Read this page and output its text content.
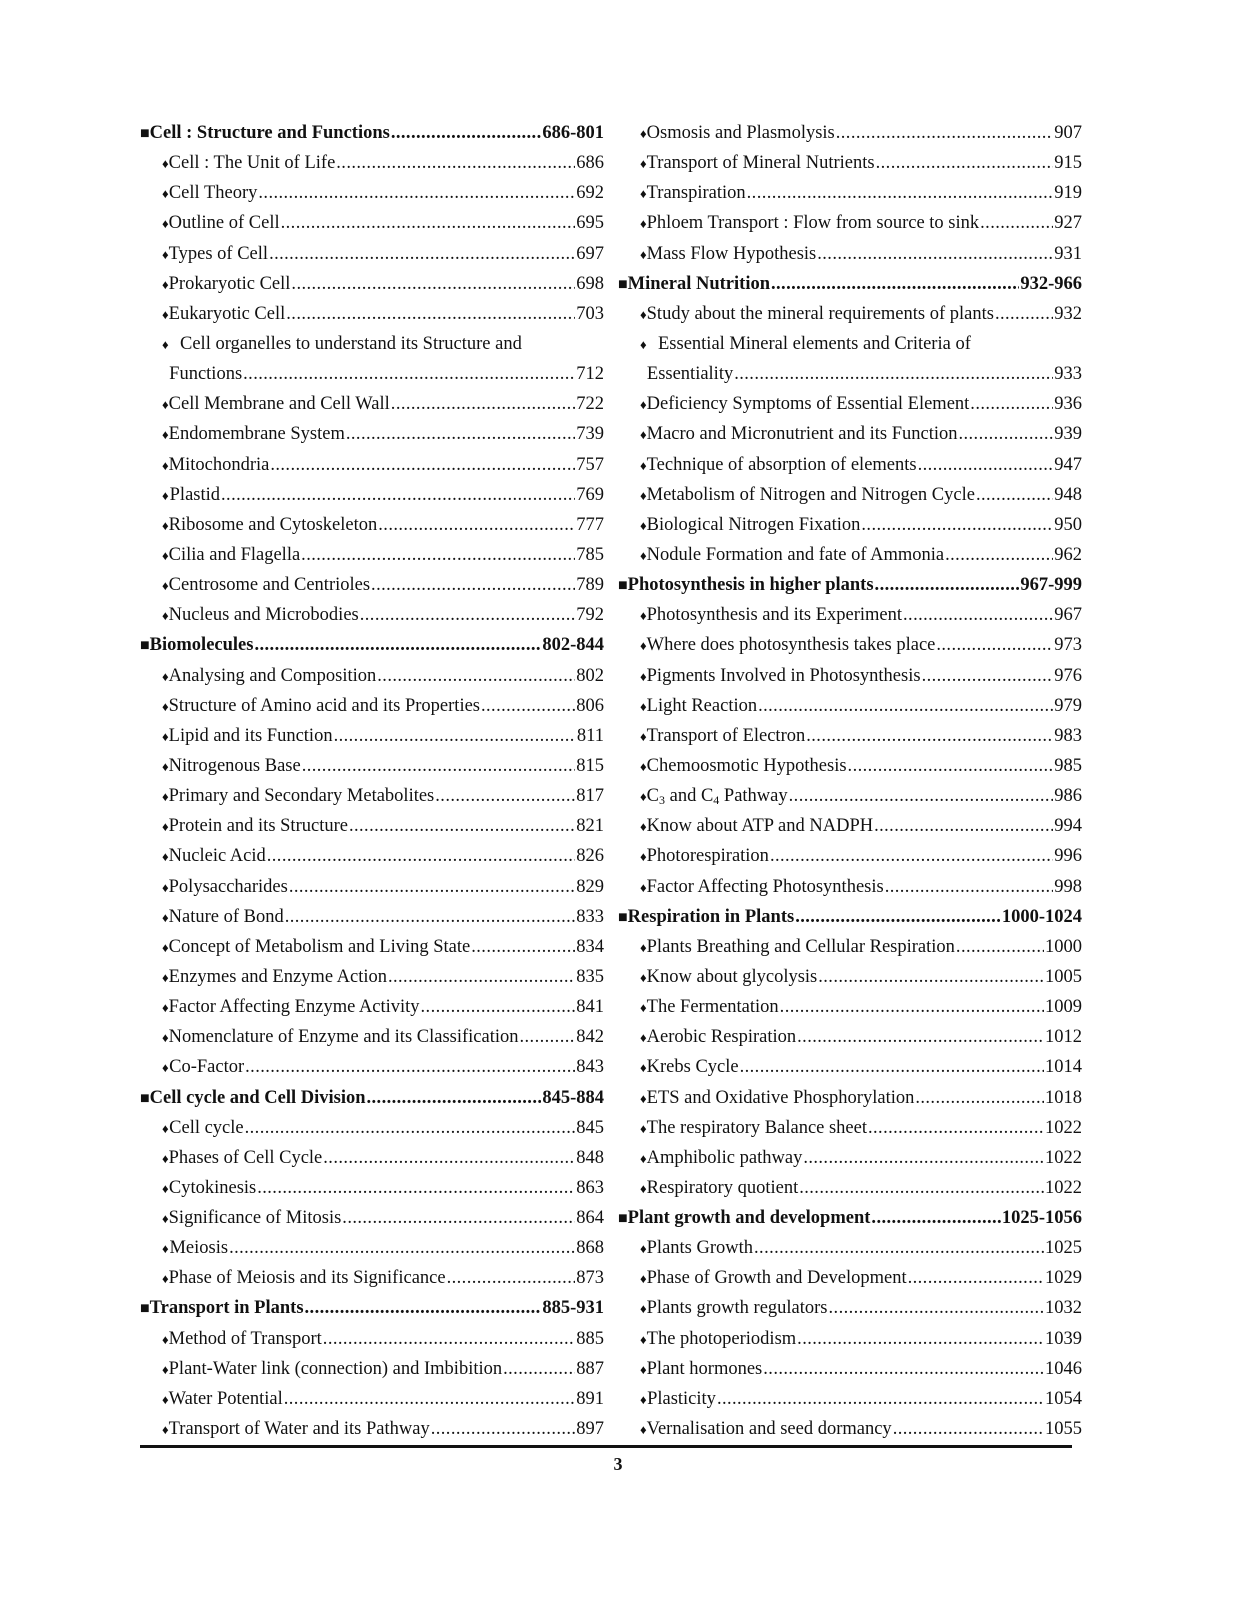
■ Cell : Structure and Functions .....	686-801
♦ Cell : The Unit of Life .....	686
♦ Cell Theory .....	692
♦ Outline of Cell .....	695
♦ Types of Cell .....	697
♦ Prokaryotic Cell .....	698
♦ Eukaryotic Cell .....	703
♦ Cell organelles to understand its Structure and
Functions .....	712
♦ Cell Membrane and Cell Wall .....	722
♦ Endomembrane System .....	739
♦ Mitochondria .....	757
♦ Plastid .....	769
♦ Ribosome and Cytoskeleton .....	777
♦ Cilia and Flagella .....	785
♦ Centrosome and Centrioles .....	789
♦ Nucleus and Microbodies .....	792
■ Biomolecules .....	802-844
♦ Analysing and Composition .....	802
♦ Structure of Amino acid and its Properties .....	806
♦ Lipid and its Function .....	811
♦ Nitrogenous Base .....	815
♦ Primary and Secondary Metabolites .....	817
♦ Protein and its Structure .....	821
♦ Nucleic Acid .....	826
♦ Polysaccharides .....	829
♦ Nature of Bond .....	833
♦ Concept of Metabolism and Living State .....	834
♦ Enzymes and Enzyme Action .....	835
♦ Factor Affecting Enzyme Activity .....	841
♦ Nomenclature of Enzyme and its Classification .....	842
♦ Co-Factor .....	843
■ Cell cycle and Cell Division .....	845-884
♦ Cell cycle .....	845
♦ Phases of Cell Cycle .....	848
♦ Cytokinesis .....	863
♦ Significance of Mitosis .....	864
♦ Meiosis .....	868
♦ Phase of Meiosis and its Significance .....	873
■ Transport in Plants .....	885-931
♦ Method of Transport .....	885
♦ Plant-Water link (connection) and Imbibition .....	887
♦ Water Potential .....	891
♦ Transport of Water and its Pathway .....	897
♦ Osmosis and Plasmolysis .....	907
♦ Transport of Mineral Nutrients .....	915
♦ Transpiration .....	919
♦ Phloem Transport : Flow from source to sink .....	927
♦ Mass Flow Hypothesis .....	931
■ Mineral Nutrition .....	932-966
♦ Study about the mineral requirements of plants .....	932
♦ Essential Mineral elements and Criteria of
Essentiality .....	933
♦ Deficiency Symptoms of Essential Element .....	936
♦ Macro and Micronutrient and its Function .....	939
♦ Technique of absorption of elements .....	947
♦ Metabolism of Nitrogen and Nitrogen Cycle .....	948
♦ Biological Nitrogen Fixation .....	950
♦ Nodule Formation and fate of Ammonia .....	962
■ Photosynthesis in higher plants .....	967-999
♦ Photosynthesis and its Experiment .....	967
♦ Where does photosynthesis takes place .....	973
♦ Pigments Involved in Photosynthesis .....	976
♦ Light Reaction .....	979
♦ Transport of Electron .....	983
♦ Chemoosmotic Hypothesis .....	985
♦ $C_3$ and $C_4$ Pathway .....	986
♦ Know about ATP and NADPH .....	994
♦ Photorespiration .....	996
♦ Factor Affecting Photosynthesis .....	998
■ Respiration in Plants .....	1000-1024
♦ Plants Breathing and Cellular Respiration .....	1000
♦ Know about glycolysis .....	1005
♦ The Fermentation .....	1009
♦ Aerobic Respiration .....	1012
♦ Krebs Cycle .....	1014
♦ ETS and Oxidative Phosphorylation .....	1018
♦ The respiratory Balance sheet .....	1022
♦ Amphibolic pathway .....	1022
♦ Respiratory quotient .....	1022
■ Plant growth and development .....	1025-1056
♦ Plants Growth .....	1025
♦ Phase of Growth and Development .....	1029
♦ Plants growth regulators .....	1032
♦ The photoperiodism .....	1039
♦ Plant hormones .....	1046
♦ Plasticity .....	1054
♦ Vernalisation and seed dormancy .....	1055
3
